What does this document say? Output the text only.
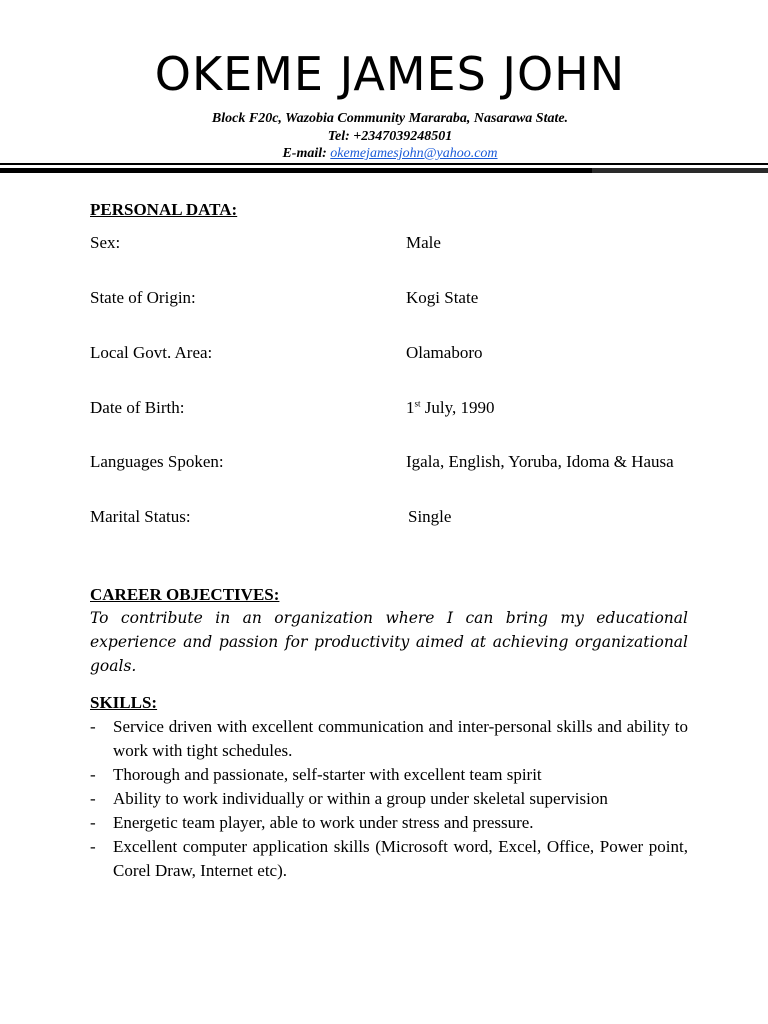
OKEME JAMES JOHN
Block F20c, Wazobia Community Mararaba, Nasarawa State.
Tel: +2347039248501
E-mail: okemejamesjohn@yahoo.com
PERSONAL DATA:
Sex:	Male
State of Origin:	Kogi State
Local Govt. Area:	Olamaboro
Date of Birth:	1st July, 1990
Languages Spoken:	Igala, English, Yoruba, Idoma & Hausa
Marital Status:	Single
CAREER OBJECTIVES:

To contribute in an organization where I can bring my educational experience and passion for productivity aimed at achieving organizational goals.

SKILLS:
- Service driven with excellent communication and inter-personal skills and ability to work with tight schedules.
- Thorough and passionate, self-starter with excellent team spirit
- Ability to work individually or within a group under skeletal supervision
- Energetic team player, able to work under stress and pressure.
- Excellent computer application skills (Microsoft word, Excel, Office, Power point, Corel Draw, Internet etc).
